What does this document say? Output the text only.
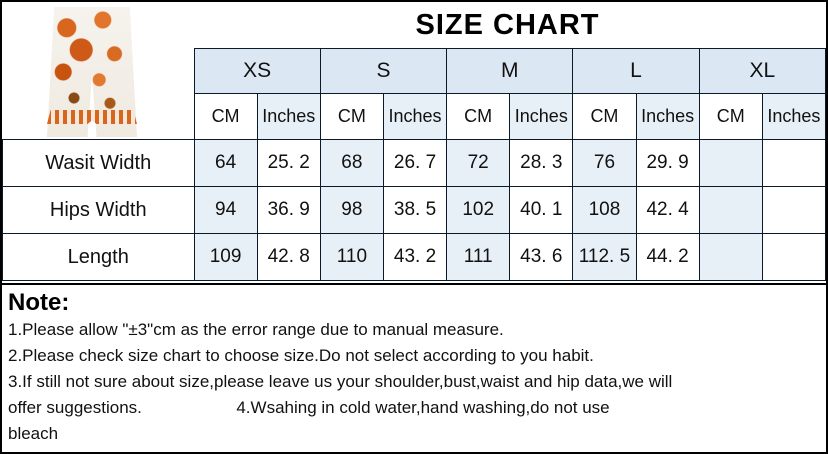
SIZE CHART
	XS		S		M		L		XL	
	CM	Inches	CM	Inches	CM	Inches	CM	Inches	CM	Inches
Wasit Width	64	25. 2	68	26. 7	72	28. 3	76	29. 9		
Hips Width	94	36. 9	98	38. 5	102	40. 1	108	42. 4		
Length	109	42. 8	110	43. 2	111	43. 6	112. 5	44. 2		
Note:
1.Please allow "±3"cm as the error range due to manual measure.
2.Please check size chart to choose size.Do not select according to you habit.
3.If still not sure about size,please leave us your shoulder,bust,waist and hip data,we will
offer suggestions.                    4.Wsahing in cold water,hand washing,do not use
bleach
